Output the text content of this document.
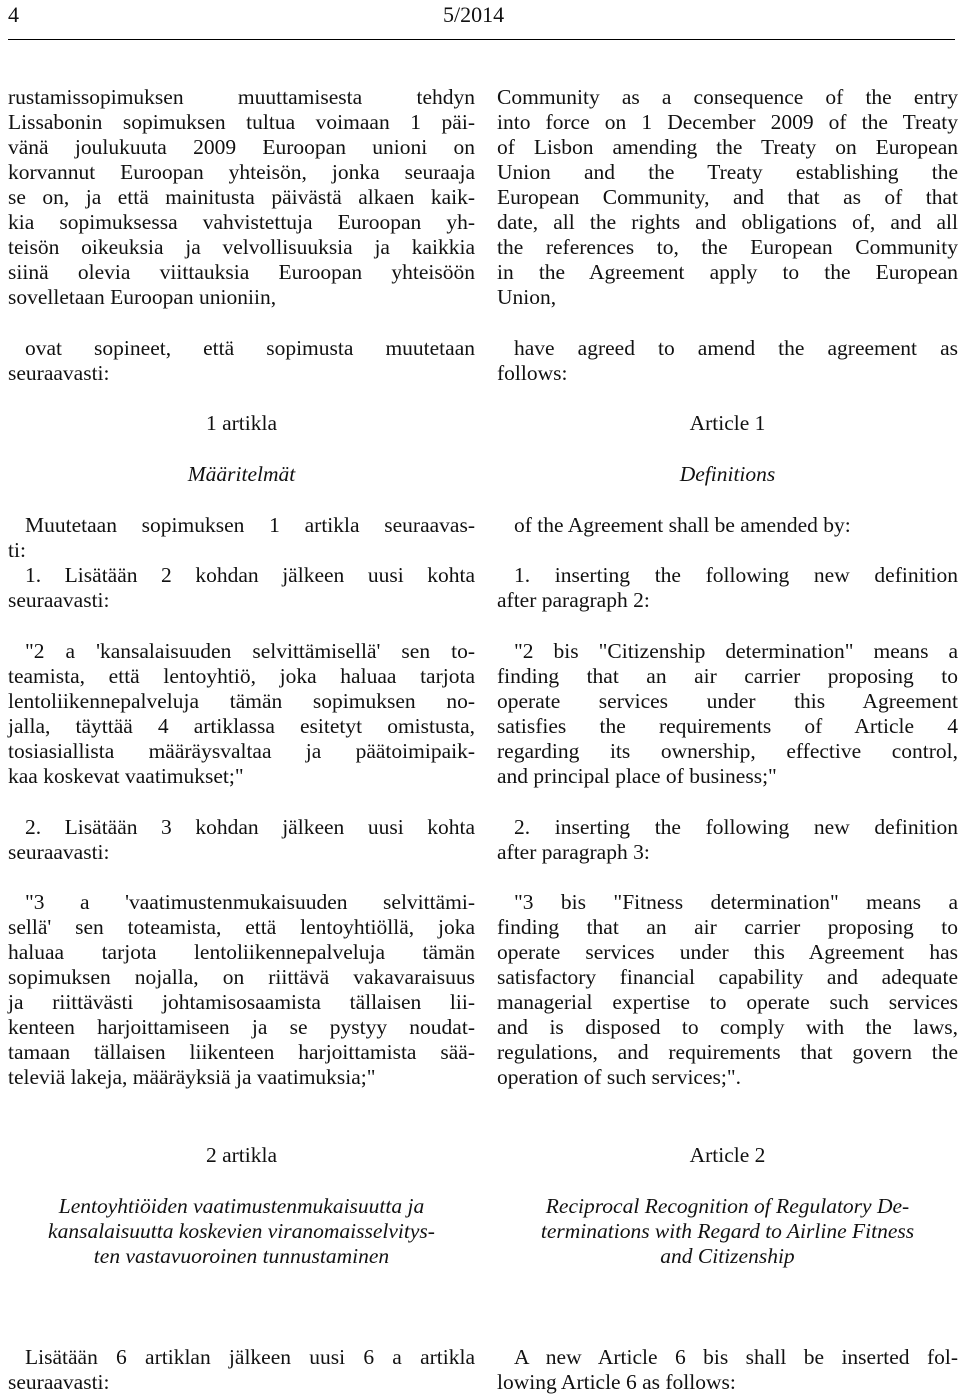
4	5/2014
rustamissopimuksen muuttamisesta tehdyn
Lissabonin sopimuksen tultua voimaan 1 päi-
vänä joulukuuta 2009 Euroopan unioni on
korvannut Euroopan yhteisön, jonka seuraaja
se on, ja että mainitusta päivästä alkaen kaik-
kia sopimuksessa vahvistettuja Euroopan yh-
teisön oikeuksia ja velvollisuuksia ja kaikkia
siinä olevia viittauksia Euroopan yhteisöön
sovelletaan Euroopan unioniin,
ovat sopineet, että sopimusta muutetaan
seuraavasti:
1 artikla
Määritelmät
Muutetaan sopimuksen 1 artikla seuraavas-
ti:
1. Lisätään 2 kohdan jälkeen uusi kohta
seuraavasti:
"2 a 'kansalaisuuden selvittämisellä' sen to-
teamista, että lentoyhtiö, joka haluaa tarjota
lentoliikennepalveluja tämän sopimuksen no-
jalla, täyttää 4 artiklassa esitetyt omistusta,
tosiasiallista määräysvaltaa ja päätoimipaik-
kaa koskevat vaatimukset;"
2. Lisätään 3 kohdan jälkeen uusi kohta
seuraavasti:
"3 a 'vaatimustenmukaisuuden selvittämi-
sellä' sen toteamista, että lentoyhtiöllä, joka
haluaa tarjota lentoliikennepalveluja tämän
sopimuksen nojalla, on riittävä vakavaraisuus
ja riittävästi johtamisosaamista tällaisen lii-
kenteen harjoittamiseen ja se pystyy noudat-
tamaan tällaisen liikenteen harjoittamista sää-
televiä lakeja, määräyksiä ja vaatimuksia;"
2 artikla
Lentoyhtiöiden vaatimustenmukaisuutta ja
kansalaisuutta koskevien viranomaisselvitys-
ten vastavuoroinen tunnustaminen
Lisätään 6 artiklan jälkeen uusi 6 a artikla
seuraavasti:
Community as a consequence of the entry
into force on 1 December 2009 of the Treaty
of Lisbon amending the Treaty on European
Union and the Treaty establishing the
European Community, and that as of that
date, all the rights and obligations of, and all
the references to, the European Community
in the Agreement apply to the European
Union,
have agreed to amend the agreement as
follows:
Article 1
Definitions
of the Agreement shall be amended by:
1. inserting the following new definition
after paragraph 2:
"2 bis "Citizenship determination" means a
finding that an air carrier proposing to
operate services under this Agreement
satisfies the requirements of Article 4
regarding its ownership, effective control,
and principal place of business;"
2. inserting the following new definition
after paragraph 3:
"3 bis "Fitness determination" means a
finding that an air carrier proposing to
operate services under this Agreement has
satisfactory financial capability and adequate
managerial expertise to operate such services
and is disposed to comply with the laws,
regulations, and requirements that govern the
operation of such services;".
Article 2
Reciprocal Recognition of Regulatory De-
terminations with Regard to Airline Fitness
and Citizenship
A new Article 6 bis shall be inserted fol-
lowing Article 6 as follows:
